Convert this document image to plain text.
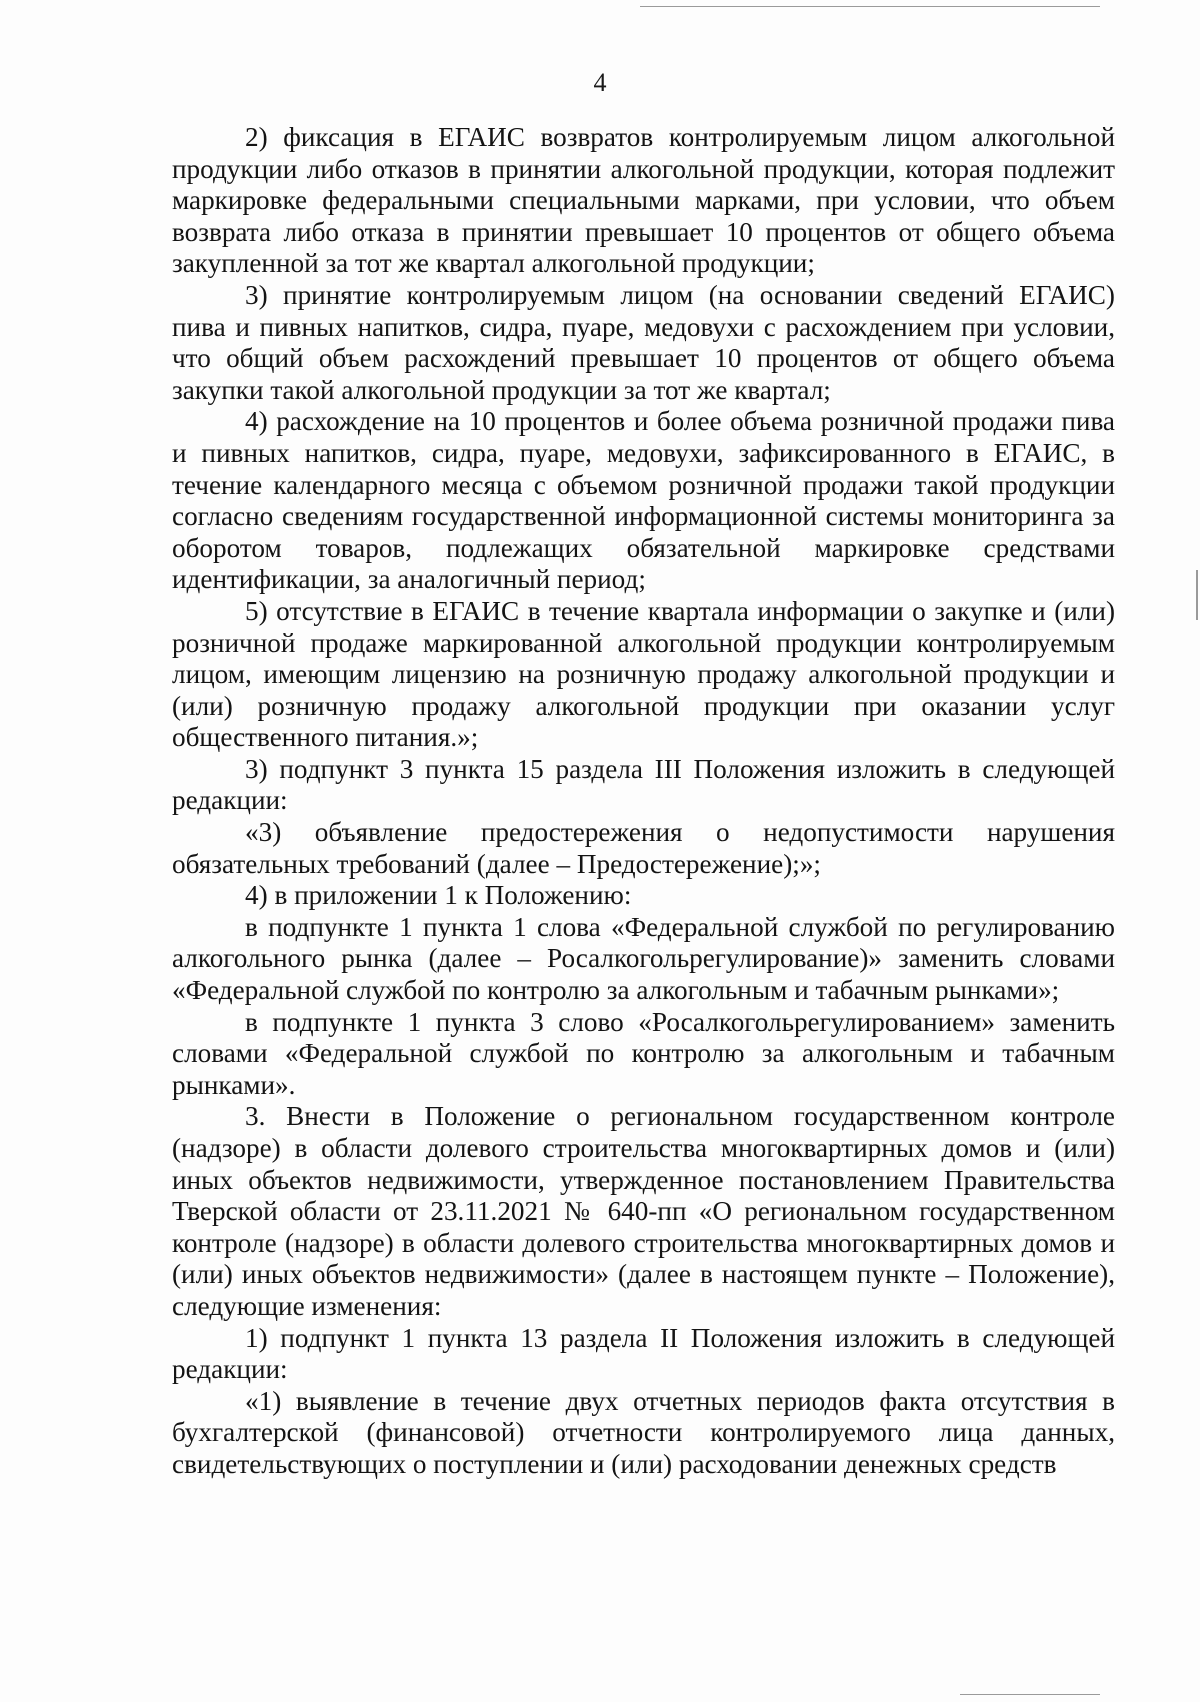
4

2) фиксация в ЕГАИС возвратов контролируемым лицом алкогольной продукции либо отказов в принятии алкогольной продукции, которая подлежит маркировке федеральными специальными марками, при условии, что объем возврата либо отказа в принятии превышает 10 процентов от общего объема закупленной за тот же квартал алкогольной продукции;

3) принятие контролируемым лицом (на основании сведений ЕГАИС) пива и пивных напитков, сидра, пуаре, медовухи с расхождением при условии, что общий объем расхождений превышает 10 процентов от общего объема закупки такой алкогольной продукции за тот же квартал;

4) расхождение на 10 процентов и более объема розничной продажи пива и пивных напитков, сидра, пуаре, медовухи, зафиксированного в ЕГАИС, в течение календарного месяца с объемом розничной продажи такой продукции согласно сведениям государственной информационной системы мониторинга за оборотом товаров, подлежащих обязательной маркировке средствами идентификации, за аналогичный период;

5) отсутствие в ЕГАИС в течение квартала информации о закупке и (или) розничной продаже маркированной алкогольной продукции контролируемым лицом, имеющим лицензию на розничную продажу алкогольной продукции и (или) розничную продажу алкогольной продукции при оказании услуг общественного питания.»;

3) подпункт 3 пункта 15 раздела III Положения изложить в следующей редакции:

«3) объявление предостережения о недопустимости нарушения обязательных требований (далее – Предостережение);»;

4) в приложении 1 к Положению:

в подпункте 1 пункта 1 слова «Федеральной службой по регулированию алкогольного рынка (далее – Росалкогольрегулирование)» заменить словами «Федеральной службой по контролю за алкогольным и табачным рынками»;

в подпункте 1 пункта 3 слово «Росалкогольрегулированием» заменить словами «Федеральной службой по контролю за алкогольным и табачным рынками».

3. Внести в Положение о региональном государственном контроле (надзоре) в области долевого строительства многоквартирных домов и (или) иных объектов недвижимости, утвержденное постановлением Правительства Тверской области от 23.11.2021 № 640-пп «О региональном государственном контроле (надзоре) в области долевого строительства многоквартирных домов и (или) иных объектов недвижимости» (далее в настоящем пункте – Положение), следующие изменения:

1) подпункт 1 пункта 13 раздела II Положения изложить в следующей редакции:

«1) выявление в течение двух отчетных периодов факта отсутствия в бухгалтерской (финансовой) отчетности контролируемого лица данных, свидетельствующих о поступлении и (или) расходовании денежных средств
